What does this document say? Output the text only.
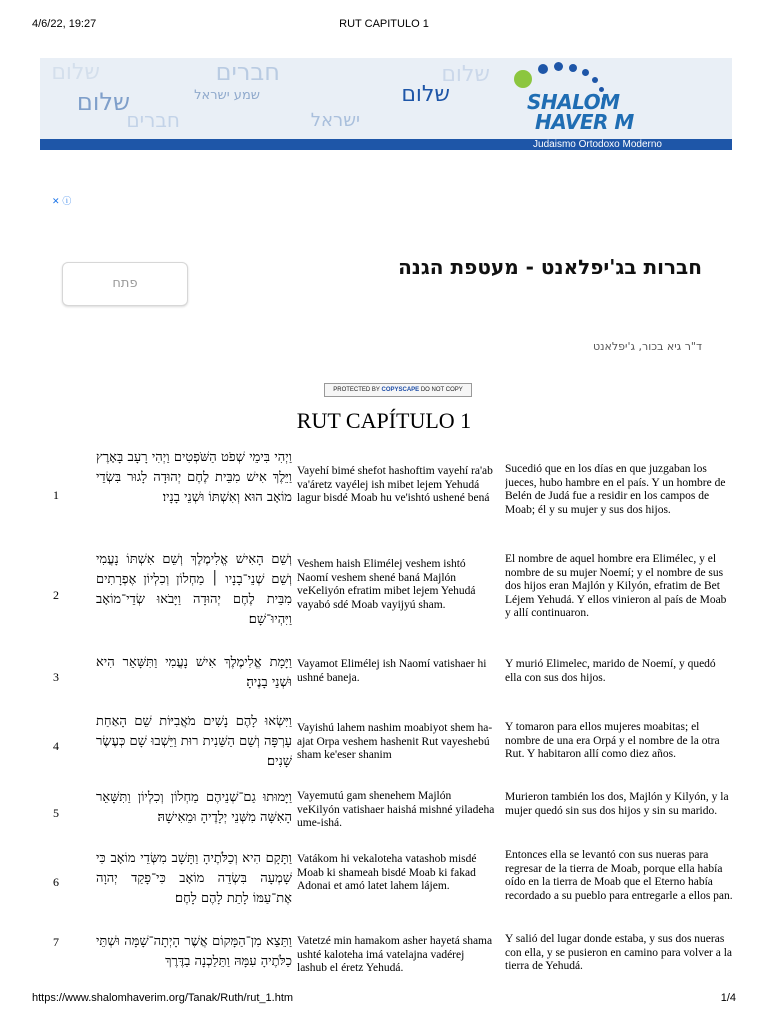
4/6/22, 19:27	RUT CAPITULO 1
שלום	חברים	שלום
שמע ישראל	שלום
חברים	ישראל
שלום	SHALOM
HAVER M
Judaismo Ortodoxo Moderno
✕ ⓘ
פתח
חברות בג'יפלאנט - מעטפת הגנה
ד"ר גיא בכור, ג'יפלאנט
PROTECTED BY COPYSCAPE DO NOT COPY
RUT CAPÍTULO 1
1
וַיְהִי בִּימֵי שְׁפֹט הַשֹּׁפְטִים וַיְהִי רָעָב בָּאָרֶץ וַיֵּלֶךְ אִישׁ מִבֵּית לֶחֶם יְהוּדָה לָגוּר בִּשְׂדֵי מוֹאָב הוּא וְאִשְׁתּוֹ וּשְׁנֵי בָנָיו׃
Vayehí bimé shefot hashoftim vayehí ra'ab va'áretz vayélej ish mibet lejem Yehudá lagur bisdé Moab hu ve'ishtó ushené bená
Sucedió que en los días en que juzgaban los jueces, hubo hambre en el país. Y un hombre de Belén de Judá fue a residir en los campos de Moab; él y su mujer y sus dos hijos.
2
וְשֵׁם הָאִישׁ אֱלִימֶלֶךְ וְשֵׁם אִשְׁתּוֹ נָעֳמִי וְשֵׁם שְׁנֵי־בָנָיו ׀ מַחְלוֹן וְכִלְיוֹן אֶפְרָתִים מִבֵּית לֶחֶם יְהוּדָה וַיָּבֹאוּ שְׂדֵי־מוֹאָב וַיִּהְיוּ־שָׁם׃
Veshem haish Elimélej veshem ishtó Naomí veshem shené baná Majlón veKeliyón efratim mibet lejem Yehudá vayabó sdé Moab vayijyú sham.
El nombre de aquel hombre era Elimélec, y el nombre de su mujer Noemí; y el nombre de sus dos hijos eran Majlón y Kilyón, efratim de Bet Léjem Yehudá. Y ellos vinieron al país de Moab y allí continuaron.
3
וַיָּמָת אֱלִימֶלֶךְ אִישׁ נָעֳמִי וַתִּשָּׁאֵר הִיא וּשְׁנֵי בָנֶיהָ׃
Vayamot Elimélej ish Naomí vatishaer hi ushné baneja.
Y murió Elimelec, marido de Noemí, y quedó ella con sus dos hijos.
4
וַיִּשְׂאוּ לָהֶם נָשִׁים מֹאֲבִיּוֹת שֵׁם הָאַחַת עָרְפָּה וְשֵׁם הַשֵּׁנִית רוּת וַיֵּשְׁבוּ שָׁם כְּעֶשֶׂר שָׁנִים׃
Vayishú lahem nashim moabiyot shem ha-ajat Orpa veshem hashenit Rut vayeshebú sham ke'eser shanim
Y tomaron para ellos mujeres moabitas; el nombre de una era Orpá y el nombre de la otra Rut. Y habitaron allí como diez años.
5
וַיָּמוּתוּ גַם־שְׁנֵיהֶם מַחְלוֹן וְכִלְיוֹן וַתִּשָּׁאֵר הָאִשָּׁה מִשְּׁנֵי יְלָדֶיהָ וּמֵאִישָׁהּ׃
Vayemutú gam shenehem Majlón veKilyón vatishaer haishá mishné yiladeha ume-ishá.
Murieron también los dos, Majlón y Kilyón, y la mujer quedó sin sus dos hijos y sin su marido.
6
וַתָּקָם הִיא וְכַלֹּתֶיהָ וַתָּשָׁב מִשְּׂדֵי מוֹאָב כִּי שָׁמְעָה בִּשְׂדֵה מוֹאָב כִּי־פָקַד יְהוָה אֶת־עַמּוֹ לָתֵת לָהֶם לָחֶם׃
Vatákom hi vekaloteha vatashob misdé Moab ki shameah bisdé Moab ki fakad Adonai et amó latet lahem lájem.
Entonces ella se levantó con sus nueras para regresar de la tierra de Moab, porque ella había oído en la tierra de Moab que el Eterno había recordado a su pueblo para entregarle a ellos pan.
7	וַתֵּצֵא מִן־הַמָּקוֹם אֲשֶׁר הָיְתָה־שָׁמָּה וּשְׁתֵּי כַלֹּתֶיהָ עִמָּהּ וַתֵּלַכְנָה בַדֶּרֶךְ
Vatetzé min hamakom asher hayetá shama ushté kaloteha imá vatelajna vadérej lashub el éretz Yehudá.
Y salió del lugar donde estaba, y sus dos nueras con ella, y se pusieron en camino para volver a la tierra de Yehudá.
https://www.shalomhaverim.org/Tanak/Ruth/rut_1.htm	1/4
